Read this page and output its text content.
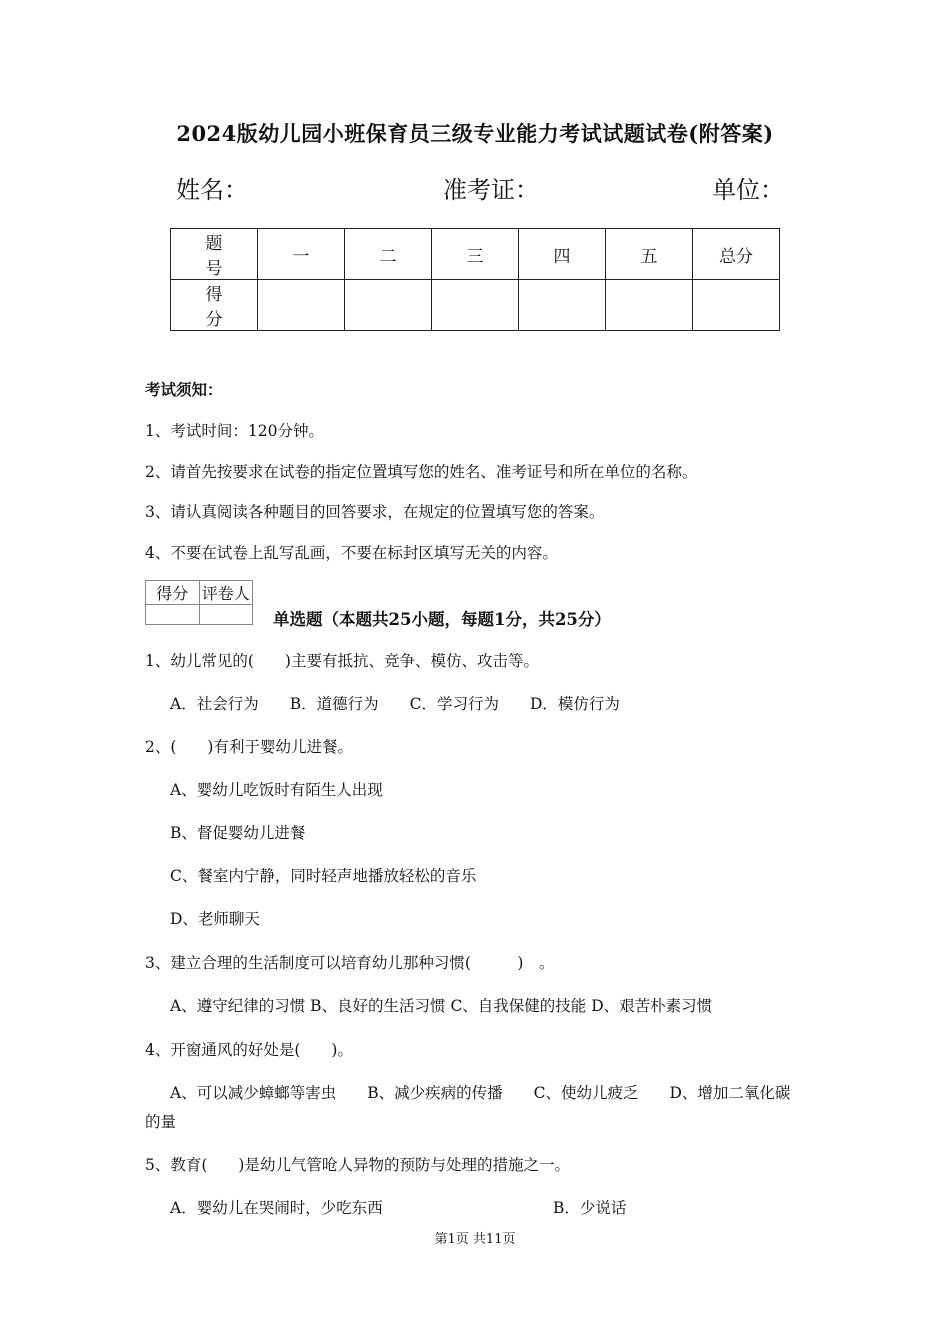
2024版幼儿园小班保育员三级专业能力考试试题试卷(附答案)
姓名：	准考证：	单位：
题　号	一	二	三	四	五	总分
得　分						
考试须知：
1、考试时间：120分钟。
2、请首先按要求在试卷的指定位置填写您的姓名、准考证号和所在单位的名称。
3、请认真阅读各种题目的回答要求，在规定的位置填写您的答案。
4、不要在试卷上乱写乱画，不要在标封区填写无关的内容。
得分	评卷人

单选题（本题共25小题，每题1分，共25分）
1、幼儿常见的(　　)主要有抵抗、竞争、模仿、攻击等。
A．社会行为　　B．道德行为　　C．学习行为　　D．模仿行为
2、(　　)有利于婴幼儿进餐。
A、婴幼儿吃饭时有陌生人出现
B、督促婴幼儿进餐
C、餐室内宁静，同时轻声地播放轻松的音乐
D、老师聊天
3、建立合理的生活制度可以培育幼儿那种习惯(　　　)　。
A、遵守纪律的习惯 B、良好的生活习惯 C、自我保健的技能 D、艰苦朴素习惯
4、开窗通风的好处是(　　)。
A、可以减少蟑螂等害虫　　B、减少疾病的传播　　C、使幼儿疲乏　　D、增加二氧化碳
的量
5、教育(　　)是幼儿气管呛人异物的预防与处理的措施之一。
A．婴幼儿在哭闹时，少吃东西	B．少说话
第1页 共11页
